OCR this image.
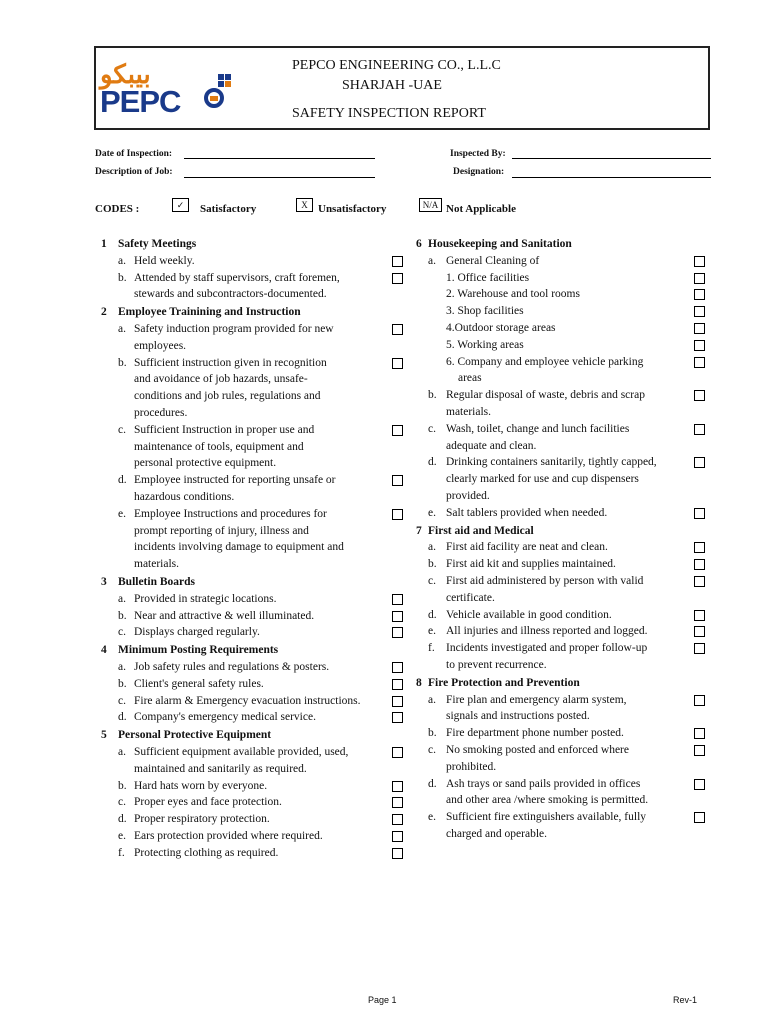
بيبكو
PEPC
PEPCO ENGINEERING CO., L.L.C
SHARJAH -UAE
SAFETY INSPECTION REPORT
Date of Inspection:
Description of Job:
Inspected By:
Designation:
CODES :	✓	Satisfactory	X Unsatisfactory	N/A Not Applicable
1 Safety Meetings
a. Held weekly.
b. Attended by staff supervisors, craft foremen,
stewards and subcontractors-documented.
2 Employee Trainining and Instruction
a. Safety induction program provided for new
employees.
b. Sufficient instruction given in recognition
and avoidance of job hazards, unsafe-
conditions and job rules, regulations and
procedures.
c. Sufficient Instruction in proper use and
maintenance of tools, equipment and
personal protective equipment.
d. Employee instructed for reporting unsafe or
hazardous conditions.
e. Employee Instructions and procedures for
prompt reporting of injury, illness and
incidents involving damage to equipment and
materials.
3 Bulletin Boards
a. Provided in strategic locations.
b. Near and attractive & well illuminated.
c. Displays charged regularly.
4 Minimum Posting Requirements
a. Job safety rules and regulations & posters.
b. Client's general safety rules.
c. Fire alarm & Emergency evacuation instructions.
d. Company's emergency medical service.
5 Personal Protective Equipment
a. Sufficient equipment available provided, used,
maintained and sanitarily as required.
b. Hard hats worn by everyone.
c. Proper eyes and face protection.
d. Proper respiratory protection.
e. Ears protection provided where required.
f. Protecting clothing as required.
6 Housekeeping and Sanitation
a. General Cleaning of
1. Office facilities
2. Warehouse and tool rooms
3. Shop facilities
4.Outdoor storage areas
5. Working areas
6. Company and employee vehicle parking
areas
b. Regular disposal of waste, debris and scrap
materials.
c. Wash, toilet, change and lunch facilities
adequate and clean.
d. Drinking containers sanitarily, tightly capped,
clearly marked for use and cup dispensers
provided.
e. Salt tablers provided when needed.
7 First aid and Medical
a. First aid facility are neat and clean.
b. First aid kit and supplies maintained.
c. First aid administered by person with valid
certificate.
d. Vehicle available in good condition.
e. All injuries and illness reported and logged.
f. Incidents investigated and proper follow-up
to prevent recurrence.
8 Fire Protection and Prevention
a. Fire plan and emergency alarm system,
signals and instructions posted.
b. Fire department phone number posted.
c. No smoking posted and enforced where
prohibited.
d. Ash trays or sand pails provided in offices
and other area /where smoking is permitted.
e. Sufficient fire extinguishers available, fully
charged and operable.
Page 1	Rev-1
